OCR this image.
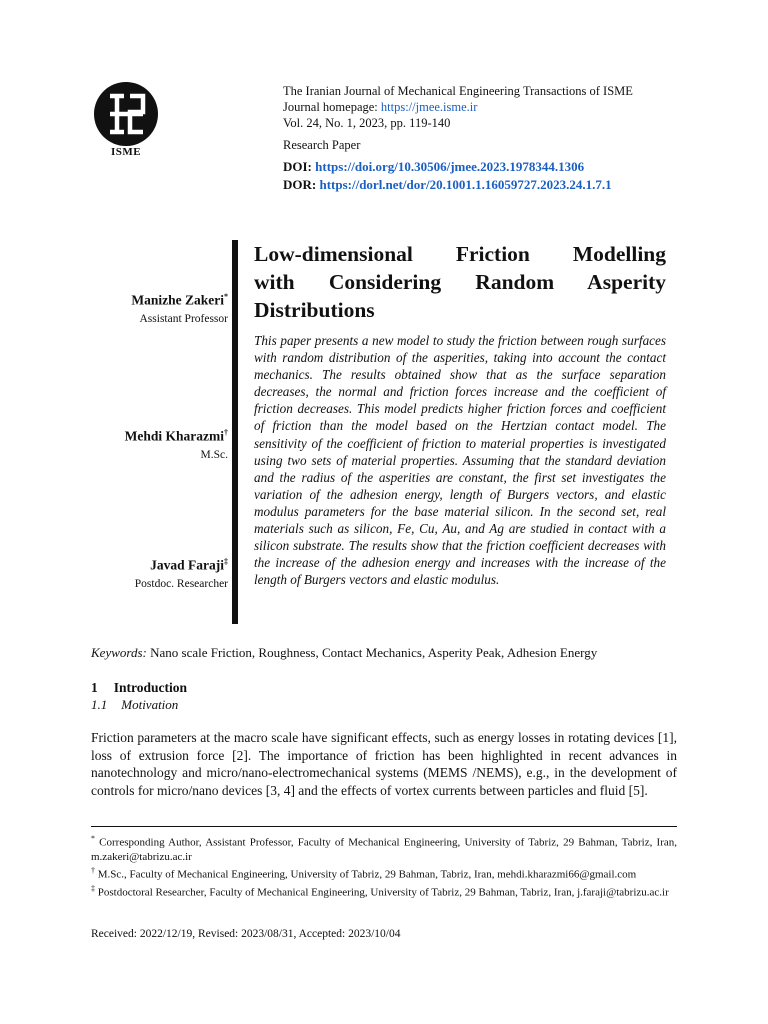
ISME
The Iranian Journal of Mechanical Engineering Transactions of ISME
Journal homepage: https://jmee.isme.ir
Vol. 24, No. 1, 2023, pp. 119-140
Research Paper
DOI: https://doi.org/10.30506/jmee.2023.1978344.1306
DOR: https://dorl.net/dor/20.1001.1.16059727.2023.24.1.7.1
Manizhe Zakeri*
Assistant Professor
Mehdi Kharazmi†
M.Sc.
Javad Faraji‡
Postdoc. Researcher
Low-dimensional Friction Modelling
with Considering Random Asperity
Distributions
This paper presents a new model to study the friction between rough surfaces with random distribution of the asperities, taking into account the contact mechanics. The results obtained show that as the surface separation decreases, the normal and friction forces increase and the coefficient of friction decreases. This model predicts higher friction forces and coefficient of friction than the model based on the Hertzian contact model. The sensitivity of the coefficient of friction to material properties is investigated using two sets of material properties. Assuming that the standard deviation and the radius of the asperities are constant, the first set investigates the variation of the adhesion energy, length of Burgers vectors, and elastic modulus parameters for the base material silicon. In the second set, real materials such as silicon, Fe, Cu, Au, and Ag are studied in contact with a silicon substrate. The results show that the friction coefficient decreases with the increase of the adhesion energy and increases with the increase of the length of Burgers vectors and elastic modulus.
Keywords: Nano scale Friction, Roughness, Contact Mechanics, Asperity Peak, Adhesion Energy
1 Introduction
1.1 Motivation
Friction parameters at the macro scale have significant effects, such as energy losses in rotating devices [1], loss of extrusion force [2]. The importance of friction has been highlighted in recent advances in nanotechnology and micro/nano-electromechanical systems (MEMS /NEMS), e.g., in the development of controls for micro/nano devices [3, 4] and the effects of vortex currents between particles and fluid [5].

* Corresponding Author, Assistant Professor, Faculty of Mechanical Engineering, University of Tabriz, 29 Bahman, Tabriz, Iran, m.zakeri@tabrizu.ac.ir

† M.Sc., Faculty of Mechanical Engineering, University of Tabriz, 29 Bahman, Tabriz, Iran, mehdi.kharazmi66@gmail.com

‡ Postdoctoral Researcher, Faculty of Mechanical Engineering, University of Tabriz, 29 Bahman, Tabriz, Iran, j.faraji@tabrizu.ac.ir

Received: 2022/12/19, Revised: 2023/08/31, Accepted: 2023/10/04
